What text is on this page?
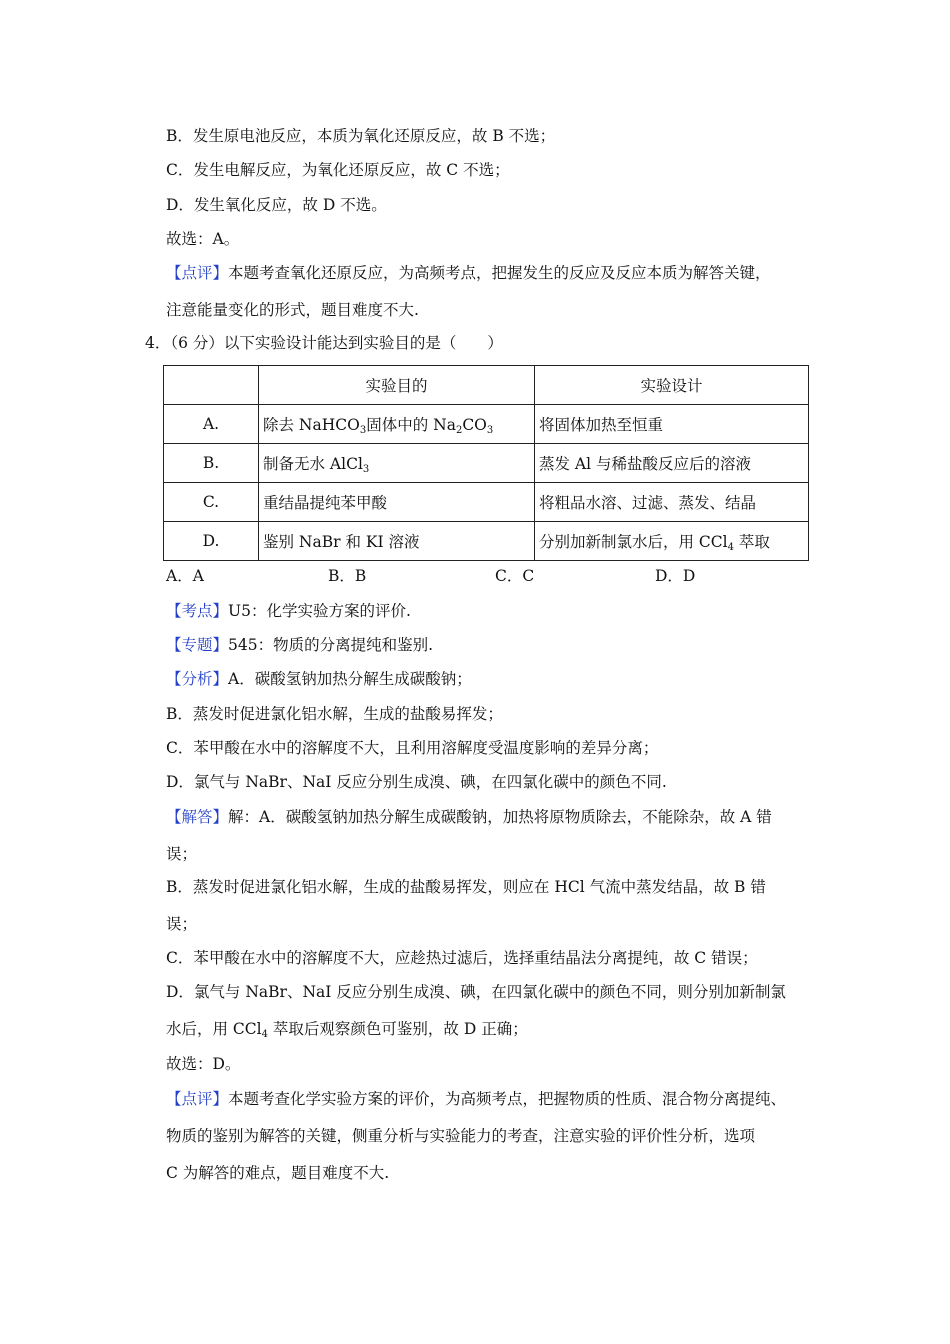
B．发生原电池反应，本质为氧化还原反应，故 B 不选；
C．发生电解反应，为氧化还原反应，故 C 不选；
D．发生氧化反应，故 D 不选。
故选：A。
【点评】本题考查氧化还原反应，为高频考点，把握发生的反应及反应本质为解答关键，
注意能量变化的形式，题目难度不大.
4．（6 分）以下实验设计能达到实验目的是（　　）
	实验目的	实验设计
A.	除去 NaHCO$_3$固体中的 $Na_2CO_3$	将固体加热至恒重
B.	制备无水 AlCl$_3$	蒸发 Al 与稀盐酸反应后的溶液
C.	重结晶提纯苯甲酸	将粗品水溶、过滤、蒸发、结晶
D.	鉴别 NaBr 和 KI 溶液	分别加新制氯水后，用 CCl$_4$ 萃取
A．A	B．B	C．C	D．D
【考点】U5：化学实验方案的评价.
【专题】545：物质的分离提纯和鉴别.
【分析】A．碳酸氢钠加热分解生成碳酸钠；
B．蒸发时促进氯化铝水解，生成的盐酸易挥发；
C．苯甲酸在水中的溶解度不大，且利用溶解度受温度影响的差异分离；
D．氯气与 NaBr、NaI 反应分别生成溴、碘，在四氯化碳中的颜色不同.
【解答】解：A．碳酸氢钠加热分解生成碳酸钠，加热将原物质除去，不能除杂，故 A 错
误；
B．蒸发时促进氯化铝水解，生成的盐酸易挥发，则应在 HCl 气流中蒸发结晶，故 B 错
误；
C．苯甲酸在水中的溶解度不大，应趁热过滤后，选择重结晶法分离提纯，故 C 错误；
D．氯气与 NaBr、NaI 反应分别生成溴、碘，在四氯化碳中的颜色不同，则分别加新制氯
水后，用 CCl$_4$ 萃取后观察颜色可鉴别，故 D 正确；
故选：D。
【点评】本题考查化学实验方案的评价，为高频考点，把握物质的性质、混合物分离提纯、
物质的鉴别为解答的关键，侧重分析与实验能力的考查，注意实验的评价性分析，选项
C 为解答的难点，题目难度不大.
